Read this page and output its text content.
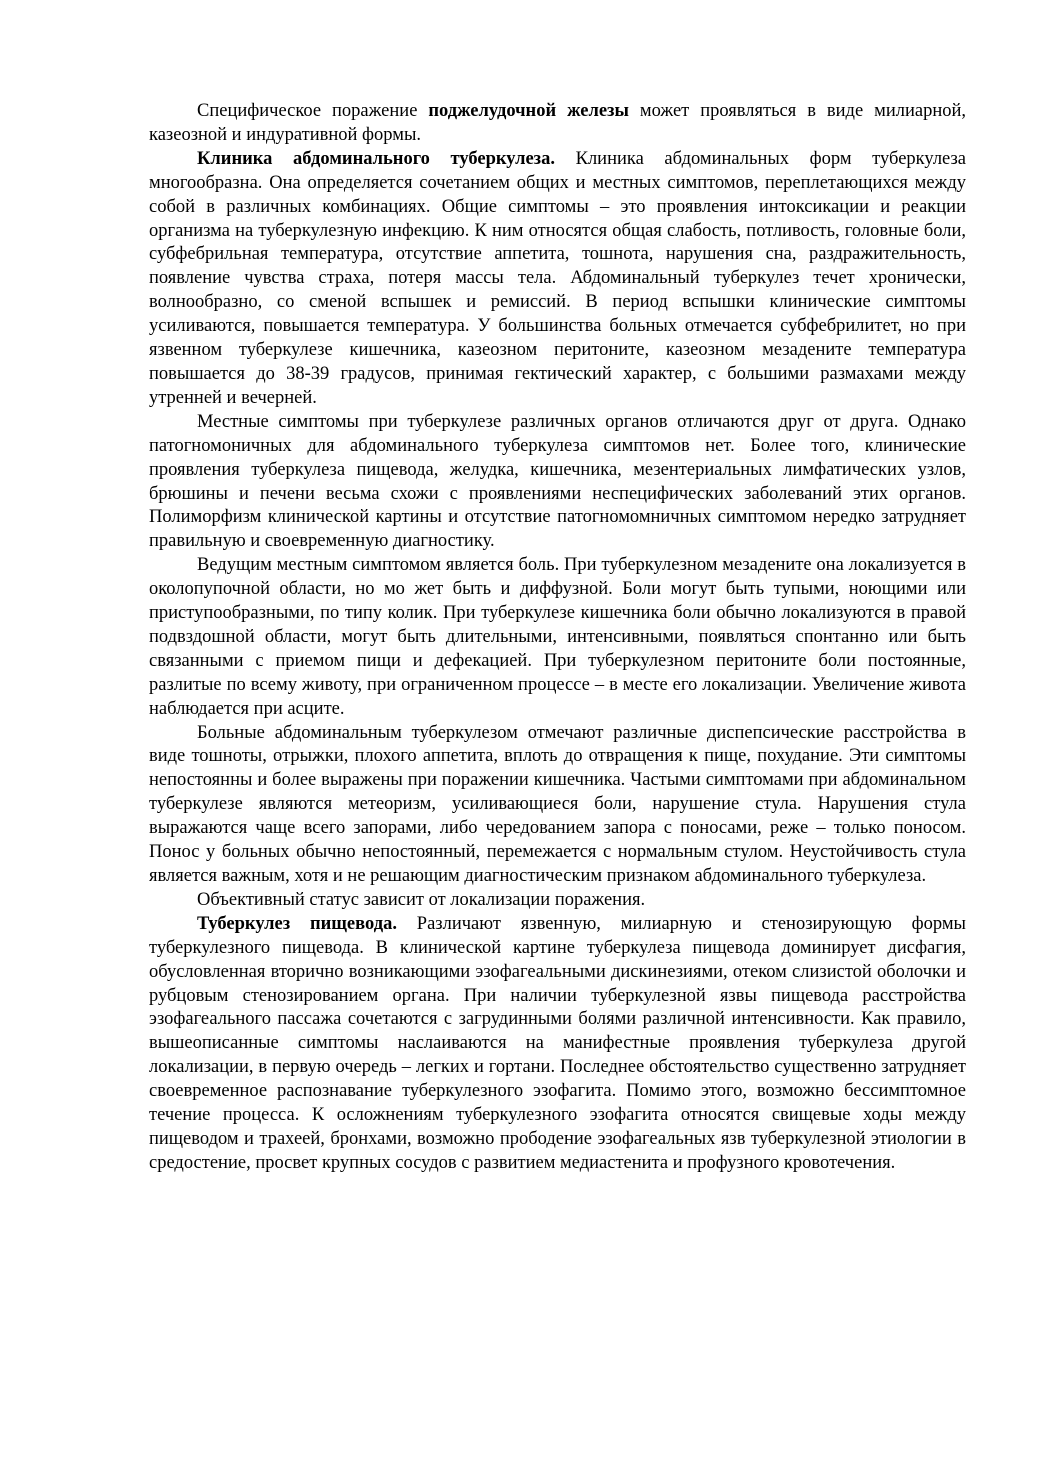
Специфическое поражение поджелудочной железы может проявляться в виде милиарной, казеозной и индуративной формы.

Клиника абдоминального туберкулеза. Клиника абдоминальных форм туберкулеза многообразна. Она определяется сочетанием общих и местных симптомов, переплетающихся между собой в различных комбинациях. Общие симптомы – это проявления интоксикации и реакции организма на туберкулезную инфекцию. К ним относятся общая слабость, потливость, головные боли, субфебрильная температура, отсутствие аппетита, тошнота, нарушения сна, раздражительность, появление чувства страха, потеря массы тела. Абдоминальный туберкулез течет хронически, волнообразно, со сменой вспышек и ремиссий. В период вспышки клинические симптомы усиливаются, повышается температура. У большинства больных отмечается субфебрилитет, но при язвенном туберкулезе кишечника, казеозном перитоните, казеозном мезадените температура повышается до 38-39 градусов, принимая гектический характер, с большими размахами между утренней и вечерней.

Местные симптомы при туберкулезе различных органов отличаются друг от друга. Однако патогномоничных для абдоминального туберкулеза симптомов нет. Более того, клинические проявления туберкулеза пищевода, желудка, кишечника, мезентериальных лимфатических узлов, брюшины и печени весьма схожи с проявлениями неспецифических заболеваний этих органов. Полиморфизм клинической картины и отсутствие патогномомничных симптомом нередко затрудняет правильную и своевременную диагностику.

Ведущим местным симптомом является боль. При туберкулезном мезадените она локализуется в околопупочной области, но мо жет быть и диффузной. Боли могут быть тупыми, ноющими или приступообразными, по типу колик. При туберкулезе кишечника боли обычно локализуются в правой подвздошной области, могут быть длительными, интенсивными, появляться спонтанно или быть связанными с приемом пищи и дефекацией. При туберкулезном перитоните боли постоянные, разлитые по всему животу, при ограниченном процессе – в месте его локализации. Увеличение живота наблюдается при асците.

Больные абдоминальным туберкулезом отмечают различные диспепсические расстройства в виде тошноты, отрыжки, плохого аппетита, вплоть до отвращения к пище, похудание. Эти симптомы непостоянны и более выражены при поражении кишечника. Частыми симптомами при абдоминальном туберкулезе являются метеоризм, усиливающиеся боли, нарушение стула. Нарушения стула выражаются чаще всего запорами, либо чередованием запора с поносами, реже – только поносом. Понос у больных обычно непостоянный, перемежается с нормальным стулом. Неустойчивость стула является важным, хотя и не решающим диагностическим признаком абдоминального туберкулеза.

Объективный статус зависит от локализации поражения.

Туберкулез пищевода. Различают язвенную, милиарную и стенозирующую формы туберкулезного пищевода. В клинической картине туберкулеза пищевода доминирует дисфагия, обусловленная вторично возникающими эзофагеальными дискинезиями, отеком слизистой оболочки и рубцовым стенозированием органа. При наличии туберкулезной язвы пищевода расстройства эзофагеального пассажа сочетаются с загрудинными болями различной интенсивности. Как правило, вышеописанные симптомы наслаиваются на манифестные проявления туберкулеза другой локализации, в первую очередь – легких и гортани. Последнее обстоятельство существенно затрудняет своевременное распознавание туберкулезного эзофагита. Помимо этого, возможно бессимптомное течение процесса. К осложнениям туберкулезного эзофагита относятся свищевые ходы между пищеводом и трахеей, бронхами, возможно прободение эзофагеальных язв туберкулезной этиологии в средостение, просвет крупных сосудов с развитием медиастенита и профузного кровотечения.
